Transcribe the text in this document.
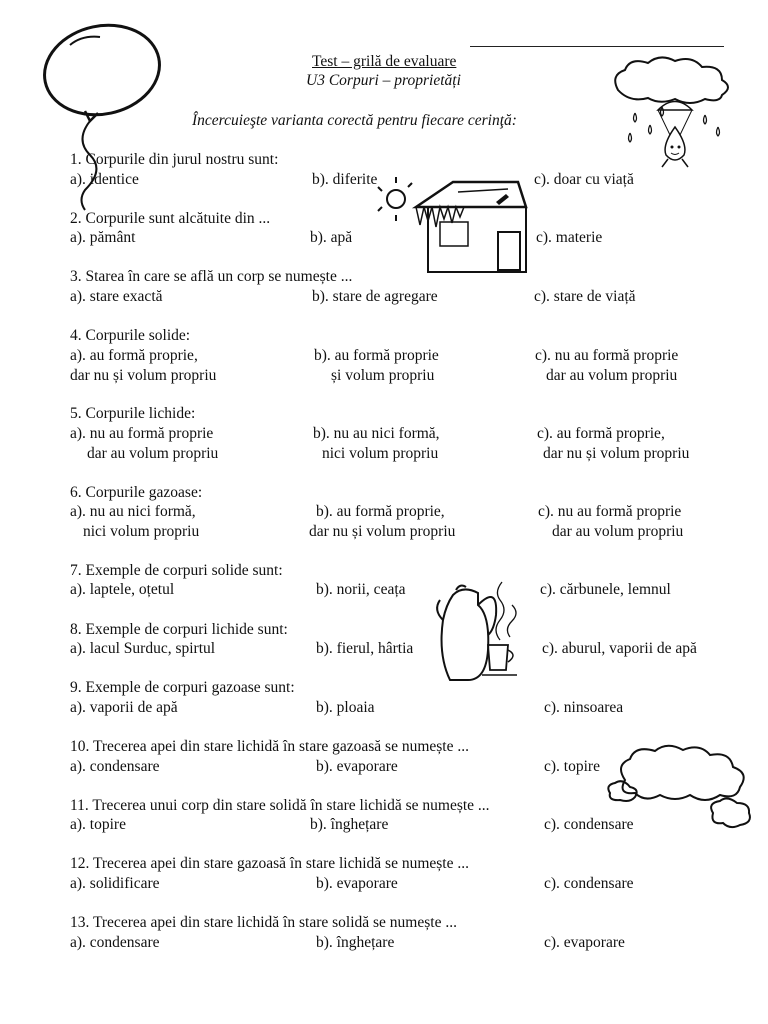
Test – grilă de evaluare
U3 Corpuri – proprietăți
Încercuieşte varianta corectă pentru fiecare cerinţă:
1. Corpurile din jurul nostru sunt:
a). identice	b). diferite	c). doar cu viață
2. Corpurile sunt alcătuite din ...
a). pământ	b). apă	c). materie
3. Starea în care se află un corp se numește ...
a). stare exactă	b). stare de agregare	c). stare de viață
4. Corpurile solide:
a). au formă proprie,
dar nu și volum propriu
b). au formă proprie
și volum propriu
c). nu au formă proprie
dar au volum propriu
5. Corpurile lichide:
a). nu au formă proprie
dar au volum propriu
b). nu au nici formă,
nici volum propriu
c). au formă proprie,
dar nu și volum propriu
6. Corpurile gazoase:
a). nu au nici formă,
nici volum propriu
b). au formă proprie,
dar nu și volum propriu
c). nu au formă proprie
dar au volum propriu
7. Exemple de corpuri solide sunt:
a). laptele, oțetul	b). norii, ceața	c). cărbunele, lemnul
8. Exemple de corpuri lichide sunt:
a). lacul Surduc, spirtul	b). fierul, hârtia	c). aburul, vaporii de apă
9. Exemple de corpuri gazoase sunt:
a). vaporii de apă	b). ploaia	c). ninsoarea
10. Trecerea apei din stare lichidă în stare gazoasă se numește ...
a). condensare	b). evaporare	c). topire
11. Trecerea unui corp din stare solidă în stare lichidă se numește ...
a). topire	b). înghețare	c). condensare
12. Trecerea apei din stare gazoasă în stare lichidă se numește ...
a). solidificare	b). evaporare	c). condensare
13. Trecerea apei din stare lichidă în stare solidă se numește ...
a). condensare	b). înghețare	c). evaporare
